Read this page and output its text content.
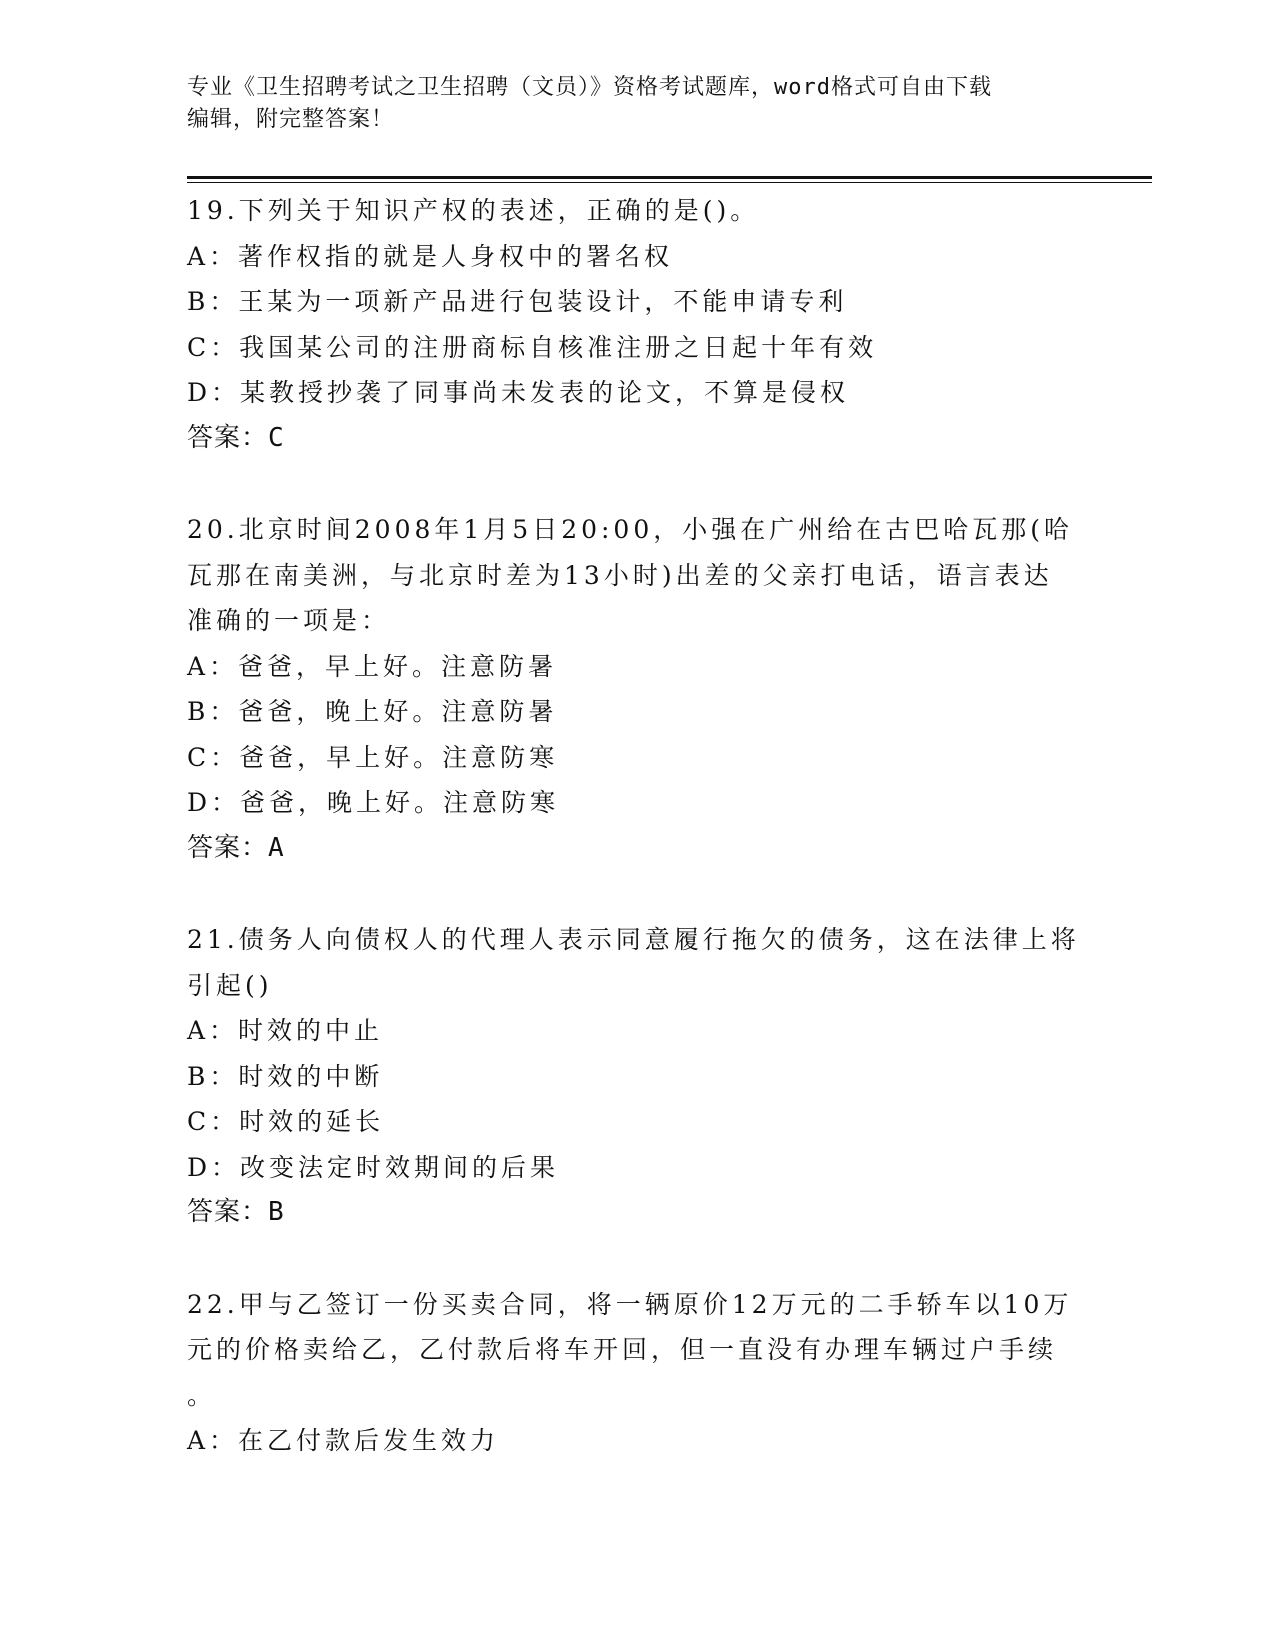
专业《卫生招聘考试之卫生招聘（文员）》资格考试题库，word格式可自由下载
编辑，附完整答案！
19.下列关于知识产权的表述，正确的是()。
A：著作权指的就是人身权中的署名权
B：王某为一项新产品进行包装设计，不能申请专利
C：我国某公司的注册商标自核准注册之日起十年有效
D：某教授抄袭了同事尚未发表的论文，不算是侵权
答案：C
20.北京时间2008年1月5日20:00，小强在广州给在古巴哈瓦那(哈
瓦那在南美洲，与北京时差为13小时)出差的父亲打电话，语言表达
准确的一项是：
A：爸爸，早上好。注意防暑
B：爸爸，晚上好。注意防暑
C：爸爸，早上好。注意防寒
D：爸爸，晚上好。注意防寒
答案：A
21.债务人向债权人的代理人表示同意履行拖欠的债务，这在法律上将
引起()
A：时效的中止
B：时效的中断
C：时效的延长
D：改变法定时效期间的后果
答案：B
22.甲与乙签订一份买卖合同，将一辆原价12万元的二手轿车以10万
元的价格卖给乙，乙付款后将车开回，但一直没有办理车辆过户手续
。
A：在乙付款后发生效力
